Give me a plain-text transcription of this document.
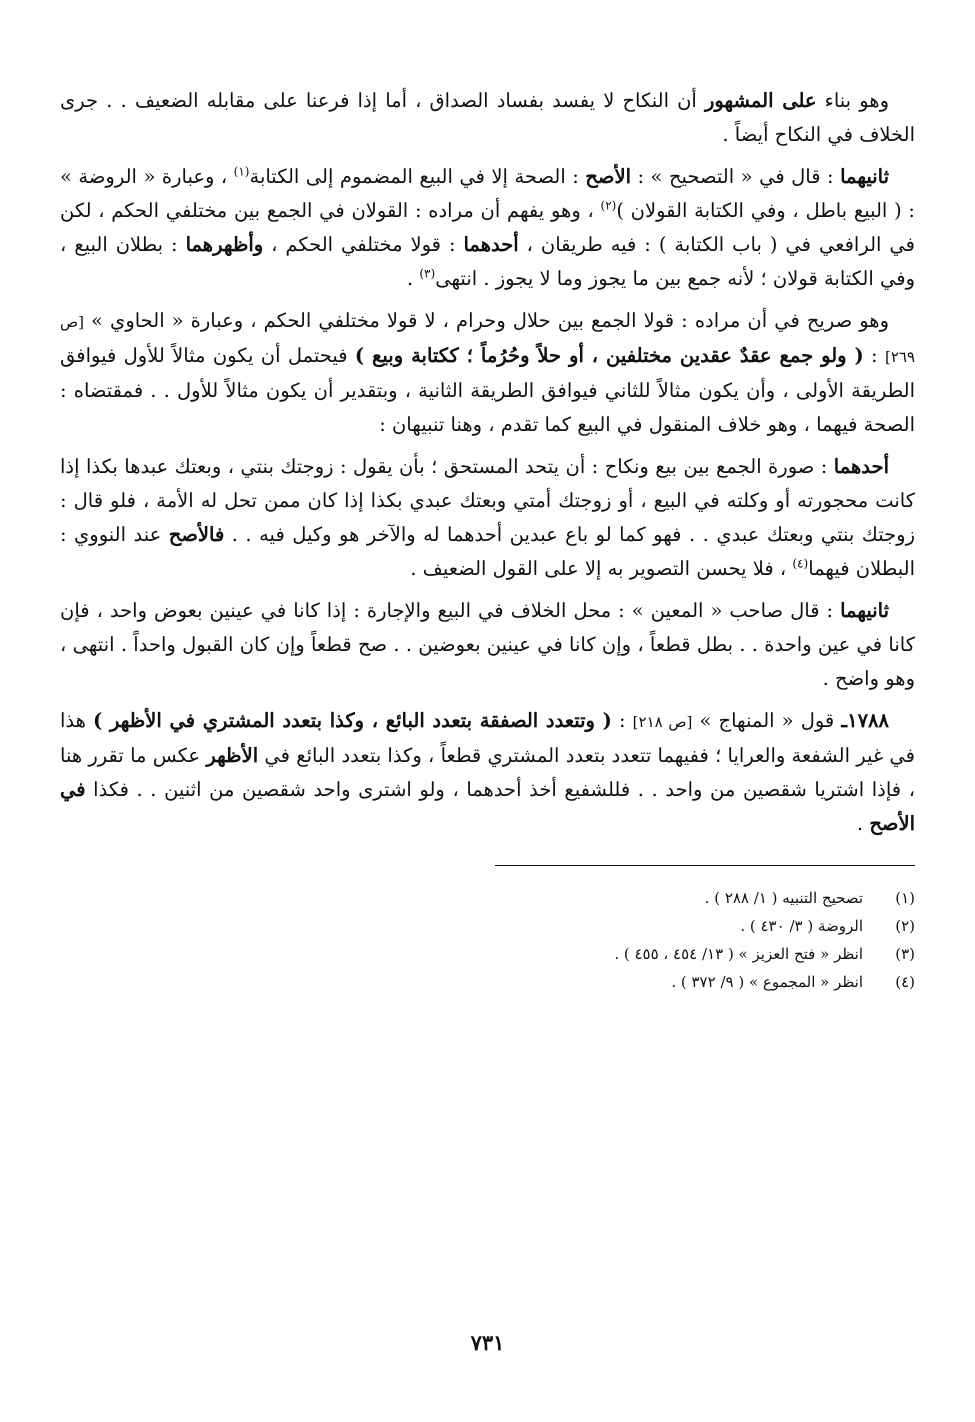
وهو بناء على المشهور أن النكاح لا يفسد بفساد الصداق ، أما إذا فرعنا على مقابله الضعيف . . جرى الخلاف في النكاح أيضاً .

ثانيهما : قال في « التصحيح » : الأصح : الصحة إلا في البيع المضموم إلى الكتابة$^{(١)}$ ، وعبارة « الروضة » : ( البيع باطل ، وفي الكتابة القولان )$^{(٢)}$ ، وهو يفهم أن مراده : القولان في الجمع بين مختلفي الحكم ، لكن في الرافعي في ( باب الكتابة ) : فيه طريقان ، أحدهما : قولا مختلفي الحكم ، وأظهرهما : بطلان البيع ، وفي الكتابة قولان ؛ لأنه جمع بين ما يجوز وما لا يجوز . انتهى$^{(٣)}$ .

وهو صريح في أن مراده : قولا الجمع بين حلال وحرام ، لا قولا مختلفي الحكم ، وعبارة « الحاوي » [ص ٢٦٩] : ( ولو جمع عقدٌ عقدين مختلفين ، أو حلاً وحُرُماً ؛ ككتابة وبيع ) فيحتمل أن يكون مثالاً للأول فيوافق الطريقة الأولى ، وأن يكون مثالاً للثاني فيوافق الطريقة الثانية ، وبتقدير أن يكون مثالاً للأول . . فمقتضاه : الصحة فيهما ، وهو خلاف المنقول في البيع كما تقدم ، وهنا تنبيهان :

أحدهما : صورة الجمع بين بيع ونكاح : أن يتحد المستحق ؛ بأن يقول : زوجتك بنتي ، وبعتك عبدها بكذا إذا كانت محجورته أو وكلته في البيع ، أو زوجتك أمتي وبعتك عبدي بكذا إذا كان ممن تحل له الأمة ، فلو قال : زوجتك بنتي وبعتك عبدي . . فهو كما لو باع عبدين أحدهما له والآخر هو وكيل فيه . . فالأصح عند النووي : البطلان فيهما$^{(٤)}$ ، فلا يحسن التصوير به إلا على القول الضعيف .

ثانيهما : قال صاحب « المعين » : محل الخلاف في البيع والإجارة : إذا كانا في عينين بعوض واحد ، فإن كانا في عين واحدة . . بطل قطعاً ، وإن كانا في عينين بعوضين . . صح قطعاً وإن كان القبول واحداً . انتهى ، وهو واضح .

١٧٨٨ـ قول « المنهاج » [ص ٢١٨] : ( وتتعدد الصفقة بتعدد البائع ، وكذا بتعدد المشتري في الأظهر ) هذا في غير الشفعة والعرايا ؛ ففيهما تتعدد بتعدد المشتري قطعاً ، وكذا بتعدد البائع في الأظهر عكس ما تقرر هنا ، فإذا اشتريا شقصين من واحد . . فللشفيع أخذ أحدهما ، ولو اشترى واحد شقصين من اثنين . . فكذا في الأصح .

(١)
تصحيح التنبيه ( ١/ ٢٨٨ ) .
(٢)
الروضة ( ٣/ ٤٣٠ ) .
(٣)
انظر « فتح العزيز » ( ١٣/ ٤٥٤ ، ٤٥٥ ) .
(٤)
انظر « المجموع » ( ٩/ ٣٧٢ ) .
٧٣١
